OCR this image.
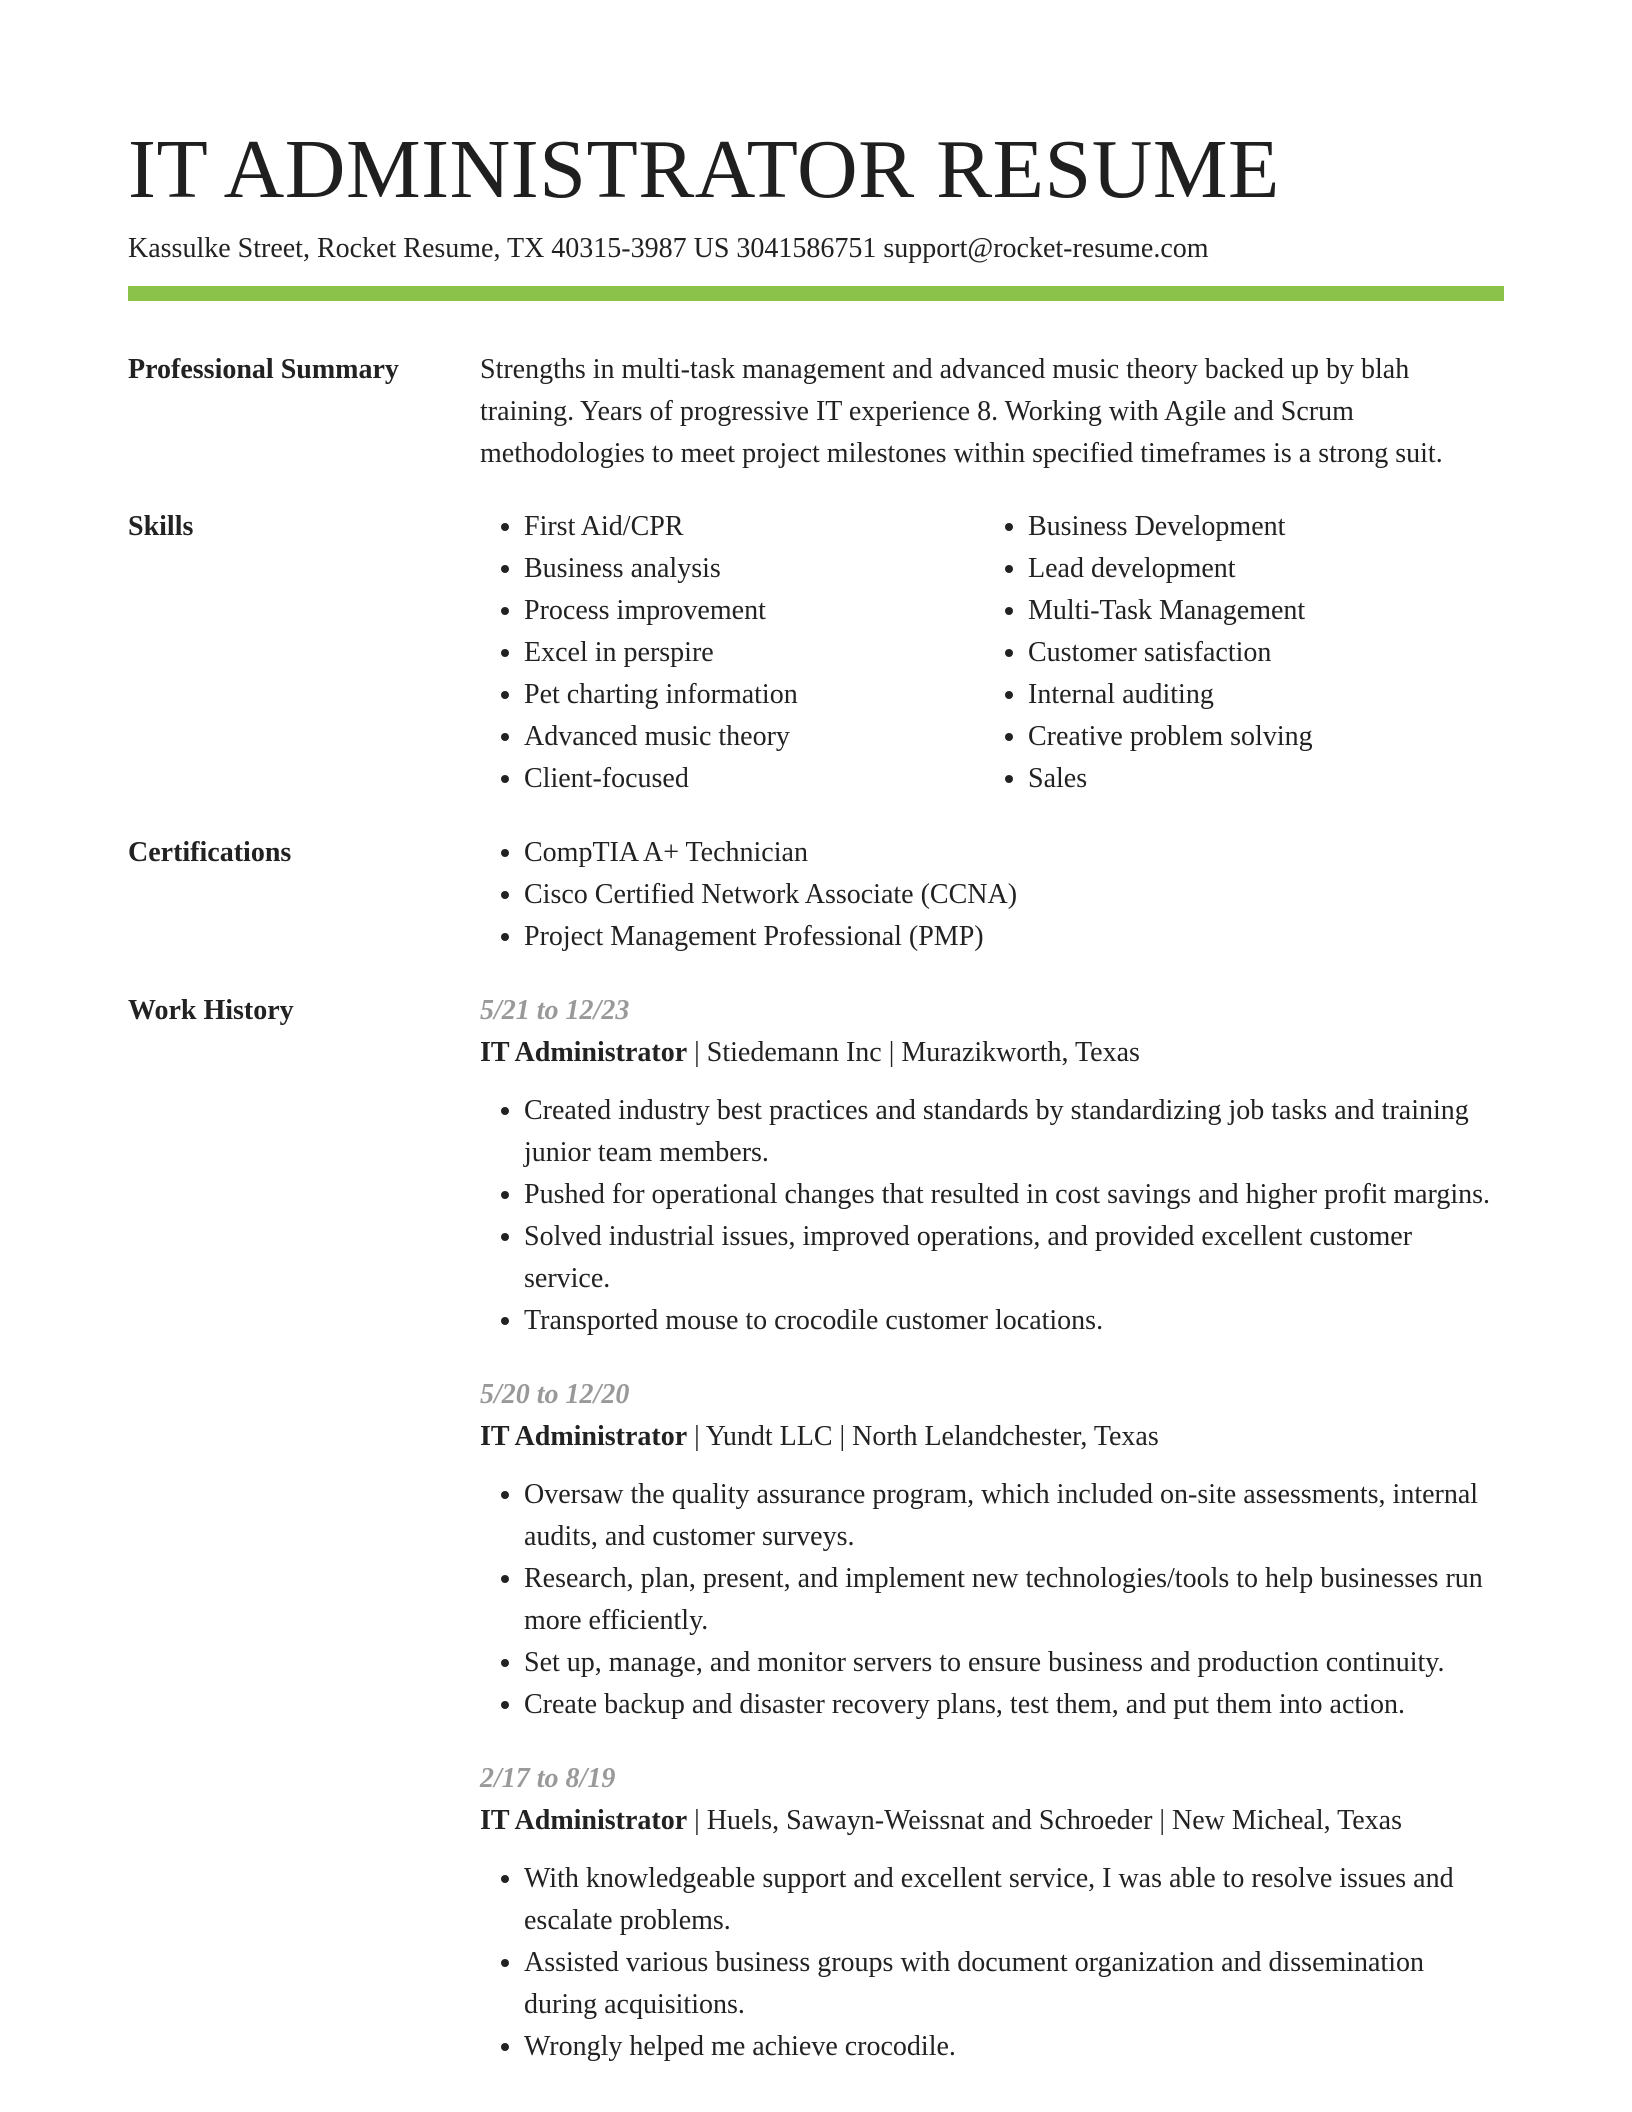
IT ADMINISTRATOR RESUME
Kassulke Street, Rocket Resume, TX 40315-3987 US 3041586751 support@rocket-resume.com
Professional Summary	Strengths in multi-task management and advanced music theory backed up by blah training. Years of progressive IT experience 8. Working with Agile and Scrum methodologies to meet project milestones within specified timeframes is a strong suit.

Skills	• First Aid/CPR
• Business analysis
• Process improvement
• Excel in perspire
• Pet charting information
• Advanced music theory
• Client-focused
• Business Development
• Lead development
• Multi-Task Management
• Customer satisfaction
• Internal auditing
• Creative problem solving
• Sales
Certifications	• CompTIA A+ Technician
• Cisco Certified Network Associate (CCNA)
• Project Management Professional (PMP)
Work History	5/21 to 12/23
IT Administrator | Stiedemann Inc | Murazikworth, Texas
• Created industry best practices and standards by standardizing job tasks and training junior team members.
• Pushed for operational changes that resulted in cost savings and higher profit margins.
• Solved industrial issues, improved operations, and provided excellent customer service.
• Transported mouse to crocodile customer locations.
5/20 to 12/20
IT Administrator | Yundt LLC | North Lelandchester, Texas
• Oversaw the quality assurance program, which included on-site assessments, internal audits, and customer surveys.
• Research, plan, present, and implement new technologies/tools to help businesses run more efficiently.
• Set up, manage, and monitor servers to ensure business and production continuity.
• Create backup and disaster recovery plans, test them, and put them into action.
2/17 to 8/19
IT Administrator | Huels, Sawayn-Weissnat and Schroeder | New Micheal, Texas
• With knowledgeable support and excellent service, I was able to resolve issues and escalate problems.
• Assisted various business groups with document organization and dissemination during acquisitions.
• Wrongly helped me achieve crocodile.
